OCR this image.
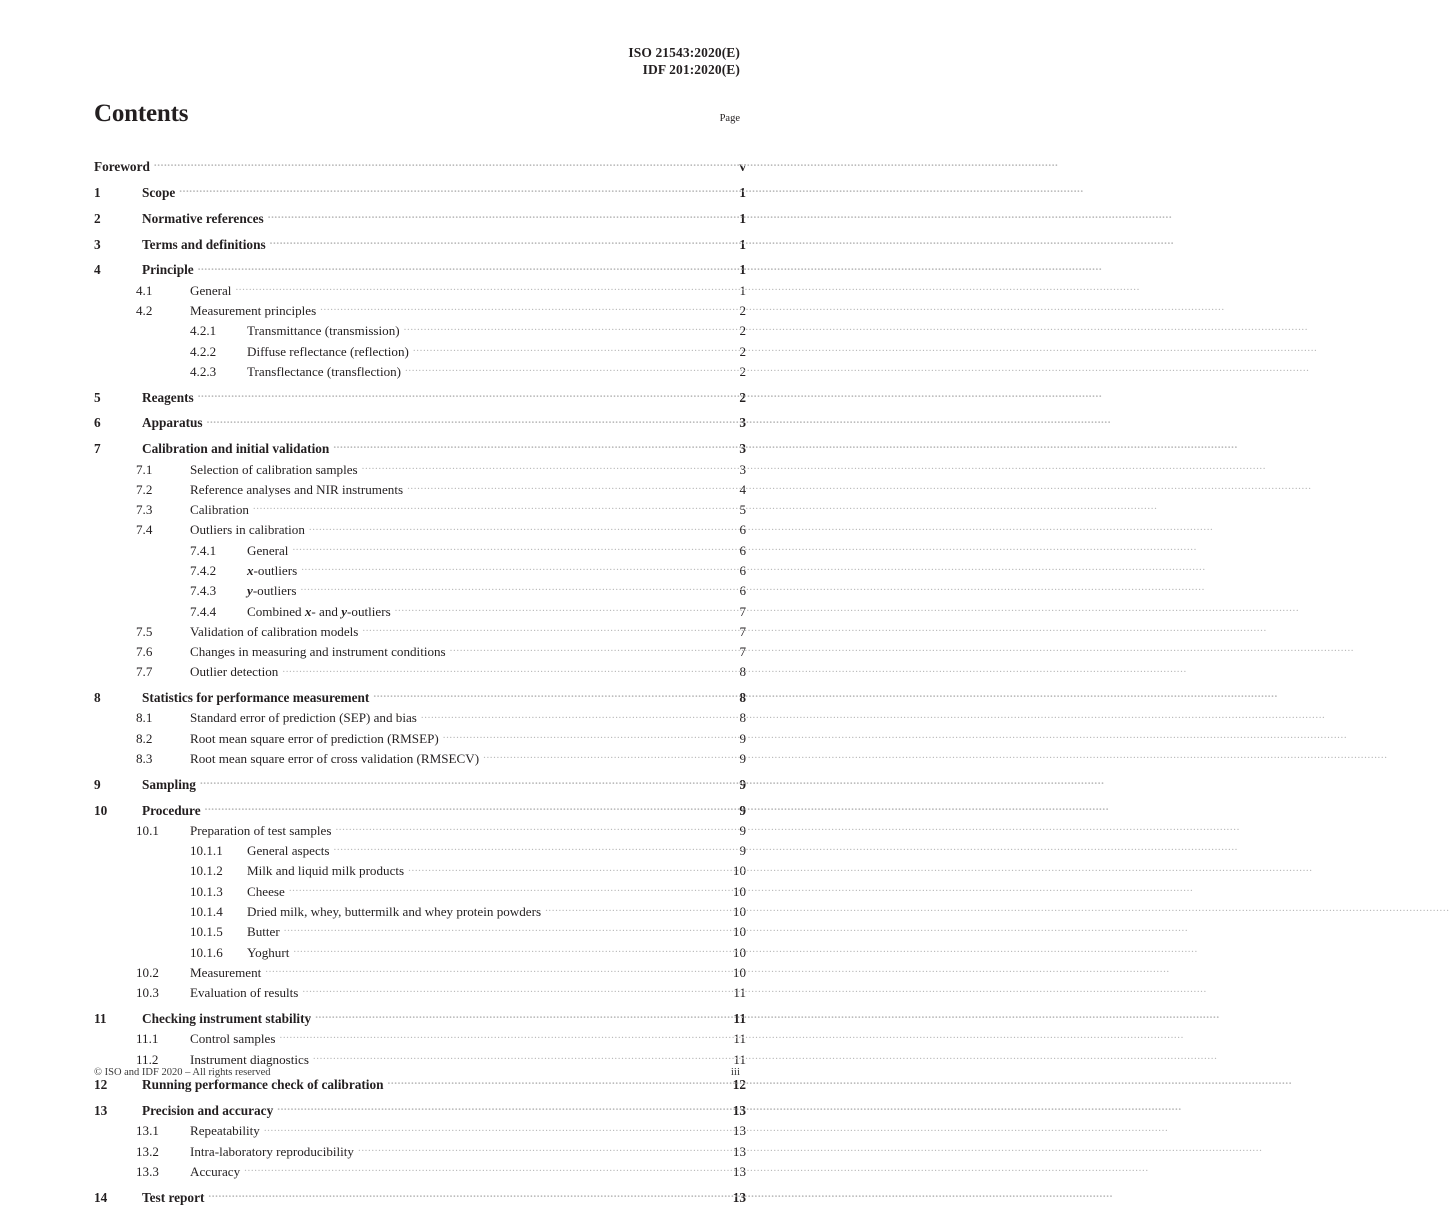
ISO 21543:2020(E)
IDF 201:2020(E)
Contents	Page
Foreword .....	v
1	Scope .....	1
2	Normative references .....	1
3	Terms and definitions .....	1
4	Principle .....	1
4.1	General .....	1
4.2	Measurement principles .....	2
4.2.1	Transmittance (transmission) .....	2
4.2.2	Diffuse reflectance (reflection) .....	2
4.2.3	Transflectance (transflection) .....	2
5	Reagents .....	2
6	Apparatus .....	3
7	Calibration and initial validation .....	3
7.1	Selection of calibration samples .....	3
7.2	Reference analyses and NIR instruments .....	4
7.3	Calibration .....	5
7.4	Outliers in calibration .....	6
7.4.1	General .....	6
7.4.2	x-outliers .....	6
7.4.3	y-outliers .....	6
7.4.4	Combined x- and y-outliers .....	7
7.5	Validation of calibration models .....	7
7.6	Changes in measuring and instrument conditions .....	7
7.7	Outlier detection .....	8
8	Statistics for performance measurement .....	8
8.1	Standard error of prediction (SEP) and bias .....	8
8.2	Root mean square error of prediction (RMSEP) .....	9
8.3	Root mean square error of cross validation (RMSECV) .....	9
9	Sampling .....	9
10	Procedure .....	9
10.1	Preparation of test samples .....	9
10.1.1	General aspects .....	9
10.1.2	Milk and liquid milk products .....	10
10.1.3	Cheese .....	10
10.1.4	Dried milk, whey, buttermilk and whey protein powders .....	10
10.1.5	Butter .....	10
10.1.6	Yoghurt .....	10
10.2	Measurement .....	10
10.3	Evaluation of results .....	11
11	Checking instrument stability .....	11
11.1	Control samples .....	11
11.2	Instrument diagnostics .....	11
12	Running performance check of calibration .....	12
13	Precision and accuracy .....	13
13.1	Repeatability .....	13
13.2	Intra-laboratory reproducibility .....	13
13.3	Accuracy .....	13
14	Test report .....	13
© ISO and IDF 2020 – All rights reserved	iii
